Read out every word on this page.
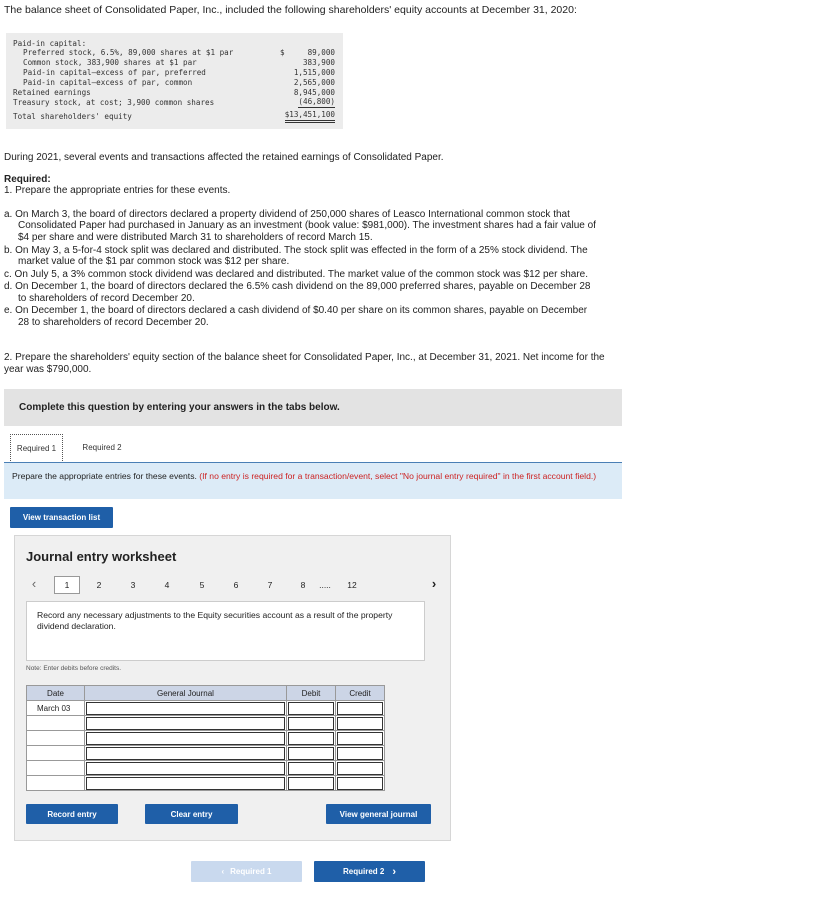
The balance sheet of Consolidated Paper, Inc., included the following shareholders' equity accounts at December 31, 2020:
Paid-in capital:
Preferred stock, 6.5%, 89,000 shares at $1 par	$	89,000
Common stock, 383,900 shares at $1 par	383,900
Paid-in capital—excess of par, preferred	1,515,000
Paid-in capital—excess of par, common	2,565,000
Retained earnings	8,945,000
Treasury stock, at cost; 3,900 common shares	(46,800)
Total shareholders' equity	$13,451,100
During 2021, several events and transactions affected the retained earnings of Consolidated Paper.
Required:
1. Prepare the appropriate entries for these events.
a. On March 3, the board of directors declared a property dividend of 250,000 shares of Leasco International common stock that
Consolidated Paper had purchased in January as an investment (book value: $981,000). The investment shares had a fair value of
$4 per share and were distributed March 31 to shareholders of record March 15.
b. On May 3, a 5-for-4 stock split was declared and distributed. The stock split was effected in the form of a 25% stock dividend. The
market value of the $1 par common stock was $12 per share.
c. On July 5, a 3% common stock dividend was declared and distributed. The market value of the common stock was $12 per share.
d. On December 1, the board of directors declared the 6.5% cash dividend on the 89,000 preferred shares, payable on December 28
to shareholders of record December 20.
e. On December 1, the board of directors declared a cash dividend of $0.40 per share on its common shares, payable on December
28 to shareholders of record December 20.
2. Prepare the shareholders' equity section of the balance sheet for Consolidated Paper, Inc., at December 31, 2021. Net income for the
year was $790,000.
Complete this question by entering your answers in the tabs below.
Required 1	Required 2
Prepare the appropriate entries for these events. (If no entry is required for a transaction/event, select "No journal entry required" in the first account field.)
View transaction list
Journal entry worksheet
‹	1	2	3	4	5	6	7	8	.....	12	›
Record any necessary adjustments to the Equity securities account as a result of the property dividend declaration.
Note: Enter debits before credits.
Date	General Journal	Debit	Credit
March 03	

Record entry	Clear entry	View general journal
‹ Required 1	Required 2 ›
